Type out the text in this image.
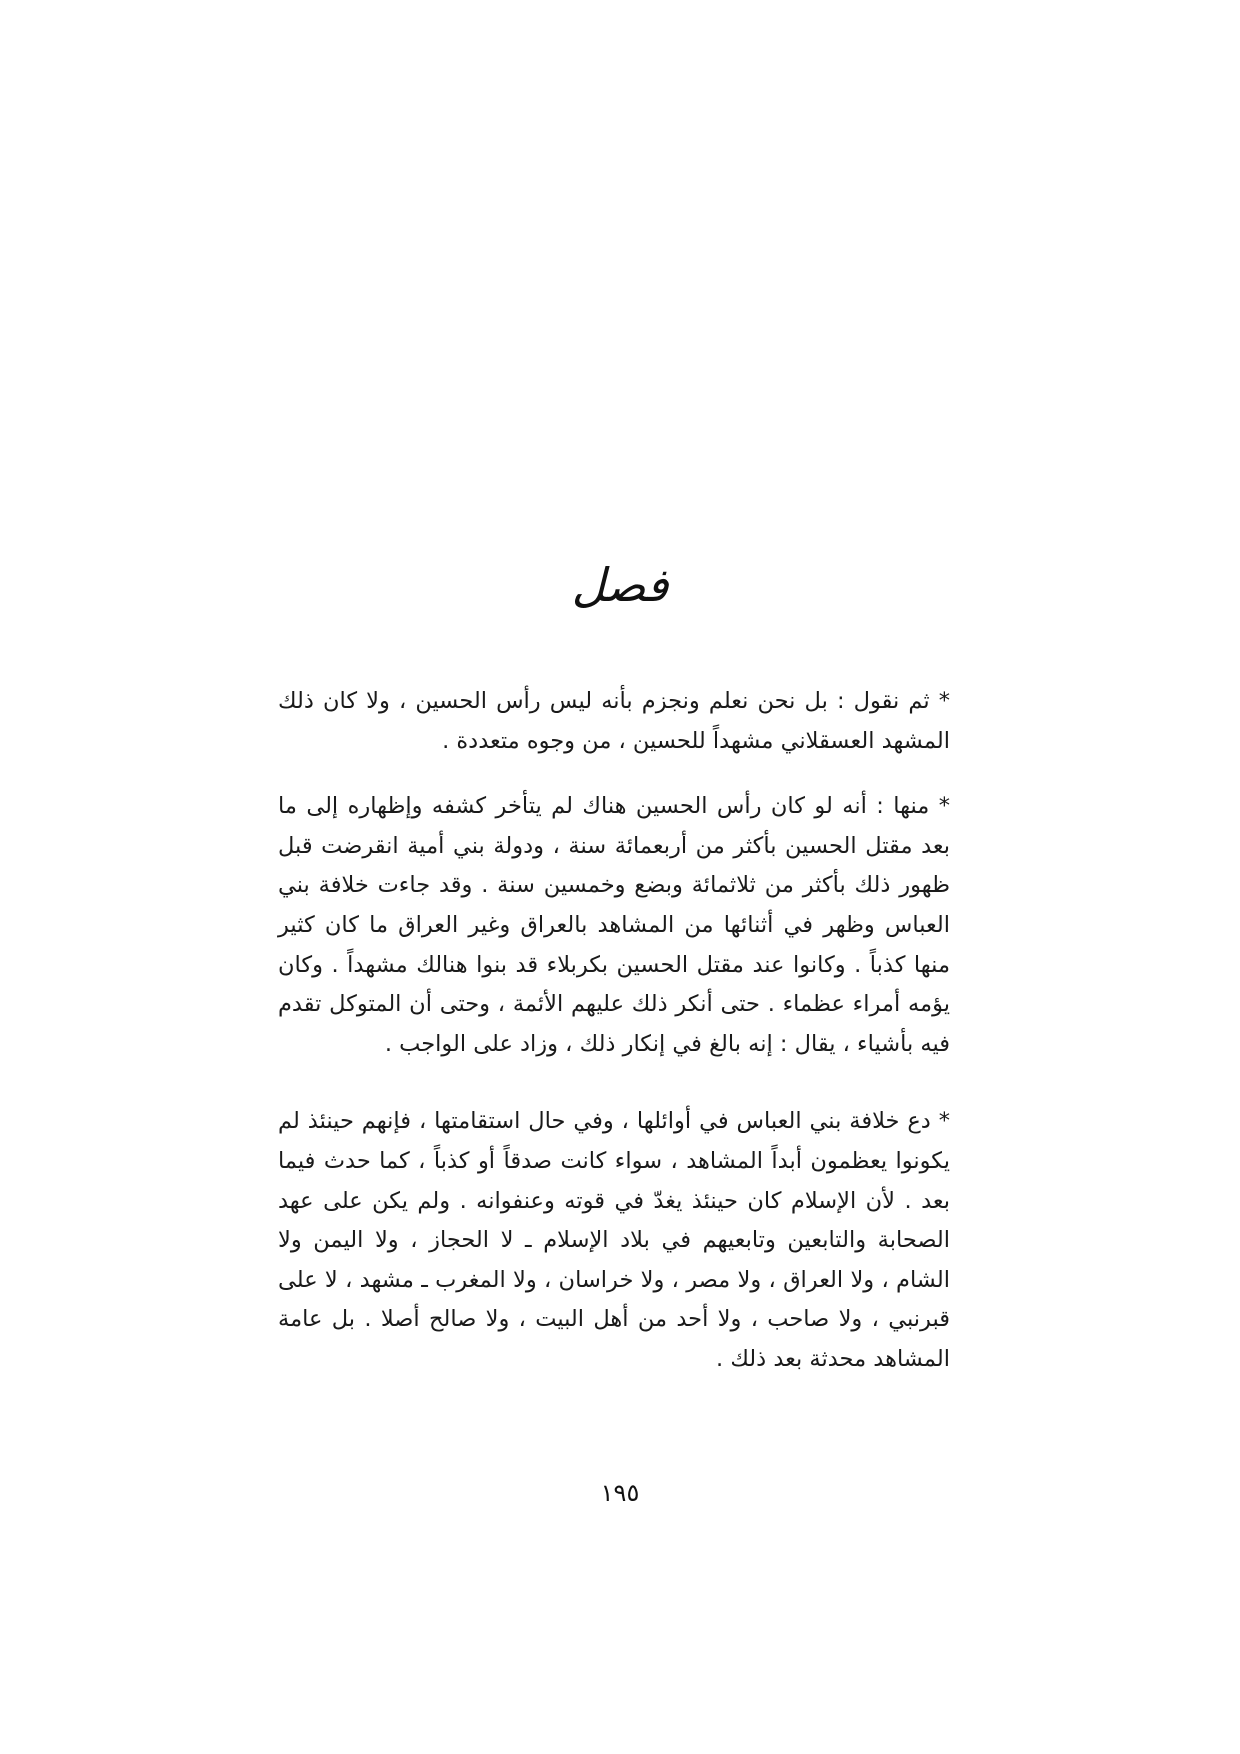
فصل

* ثم نقول : بل نحن نعلم ونجزم بأنه ليس رأس الحسين ، ولا كان ذلك المشهد العسقلاني مشهداً للحسين ، من وجوه متعددة .

* منها : أنه لو كان رأس الحسين هناك لم يتأخر كشفه وإظهاره إلى ما بعد مقتل الحسين بأكثر من أربعمائة سنة ، ودولة بني أمية انقرضت قبل ظهور ذلك بأكثر من ثلاثمائة وبضع وخمسين سنة . وقد جاءت خلافة بني العباس وظهر في أثنائها من المشاهد بالعراق وغير العراق ما كان كثير منها كذباً . وكانوا عند مقتل الحسين بكربلاء قد بنوا هنالك مشهداً . وكان يؤمه أمراء عظماء . حتى أنكر ذلك عليهم الأئمة ، وحتى أن المتوكل تقدم فيه بأشياء ، يقال : إنه بالغ في إنكار ذلك ، وزاد على الواجب .

* دع خلافة بني العباس في أوائلها ، وفي حال استقامتها ، فإنهم حينئذ لم يكونوا يعظمون أبداً المشاهد ، سواء كانت صدقاً أو كذباً ، كما حدث فيما بعد . لأن الإسلام كان حينئذ يغدّ في قوته وعنفوانه . ولم يكن على عهد الصحابة والتابعين وتابعيهم في بلاد الإسلام ـ لا الحجاز ، ولا اليمن ولا الشام ، ولا العراق ، ولا مصر ، ولا خراسان ، ولا المغرب ـ مشهد ، لا على قبرنبي ، ولا صاحب ، ولا أحد من أهل البيت ، ولا صالح أصلا . بل عامة المشاهد محدثة بعد ذلك .

١٩٥
